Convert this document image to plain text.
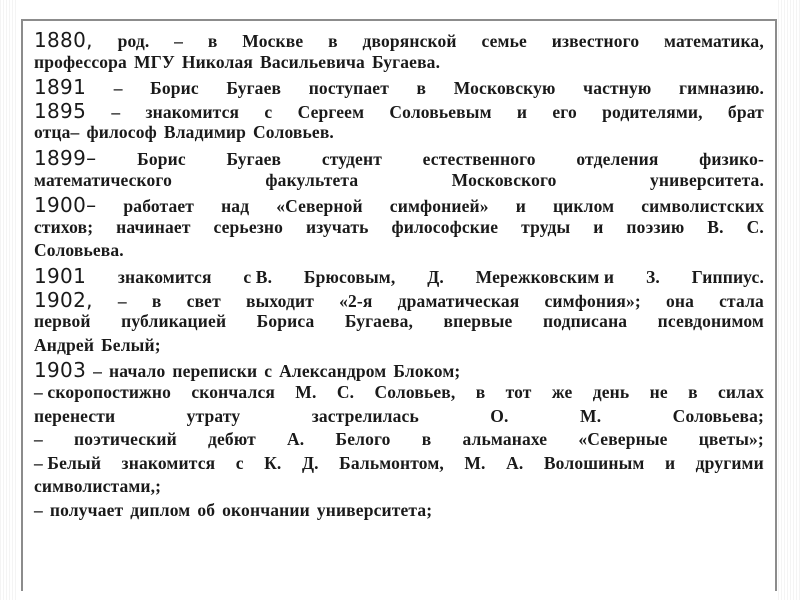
1880, род. – в Москве в дворянской семье известного математика,
профессора МГУ Николая Васильевича Бугаева.
1891 – Борис Бугаев поступает в Московскую частную гимназию.
1895 – знакомится с Сергеем Соловьевым и его родителями, брат
отца– философ Владимир Соловьев.
1899– Борис Бугаев студент естественного отделения физико-
математического	факультета	Московского	университета.
1900– работает над «Северной симфонией» и циклом символистских
стихов; начинает серьезно изучать философские труды и поэзию В. С.
Соловьева.
1901 знакомится с В. Брюсовым, Д. Мережковским и З. Гиппиус.
1902, – в свет выходит «2-я драматическая симфония»; она стала
первой публикацией Бориса Бугаева, впервые подписана псевдонимом
Андрей Белый;
1903 – начало переписки с Александром Блоком;
– скоропостижно скончался М. С. Соловьев, в тот же день не в силах
перенести	утрату	застрелилась	О.	М.	Соловьева;
– поэтический дебют А. Белого в альманахе «Северные цветы»;
– Белый знакомится с К. Д. Бальмонтом, М. А. Волошиным и другими
символистами,;
– получает диплом об окончании университета;
